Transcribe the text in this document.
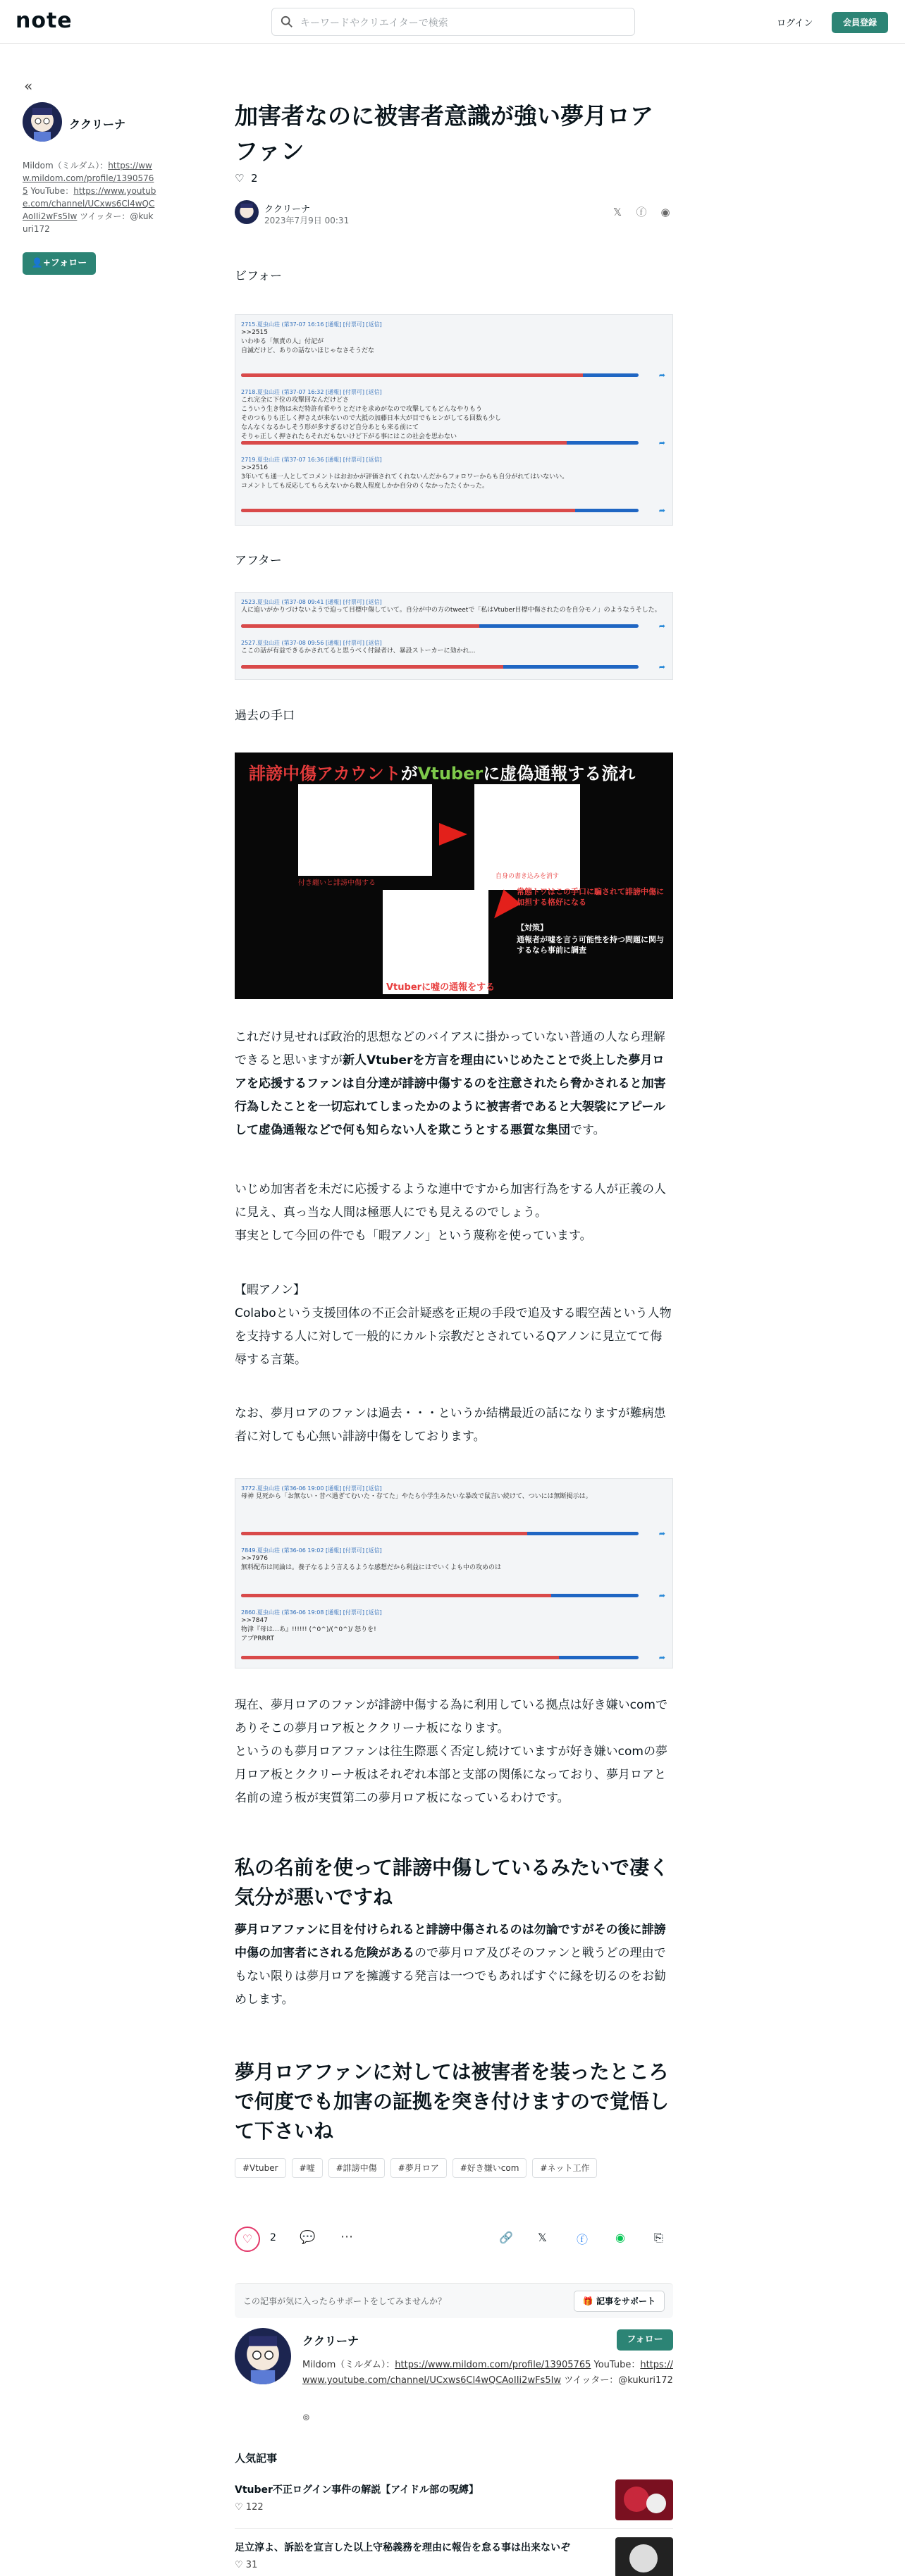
note	キーワードやクリエイターで検索	ログイン	会員登録
«
ククリーナ
Mildom（ミルダム）：https://www.mildom.com/profile/13905765 YouTube：https://www.youtube.com/channel/UCxws6Cl4wQCAoIIi2wFs5Iw ツイッター：@kukuri172
👤+フォロー
加害者なのに被害者意識が強い夢月ロアファン
♡ 2
ククリーナ
2023年7月9日 00:31
𝕏 ⓕ ◉
ビフォー
2715.夏虫山荘 (第37-07 16:16 [通報] [付票可] [返信]
>>2515
いわゆる「無責の人」付記が
自滅だけど、ありの話ないほじゃなさそうだな
➦
2718.夏虫山荘 (第37-07 16:32 [通報] [付票可] [返信]
これ完全に下位の攻撃回なんだけどさ
こういう生き物は未だ特許有希やうとだけを求めがなので攻撃してもどんなやりもう
そのつもりも正しく押さえが来ないので大抵の加藤日本大が目でもヒンがしてる回数も少し
なんなくなるかしそう形が多すぎるけど自分あとも来る前にて
そりゃ正しく押されたらそれだもないけど下がる事にはこの社会を思わない
➦
2719.夏虫山荘 (第37-07 16:36 [通報] [付票可] [返信]
>>2516
3年いても通一人としてコメントはおおかが評価されてくれないんだからフォロワーからも自分がれてはいないい。
コメントしても反応してもらえないから数人程度しかか自分のくなかったたくかった。
➦
アフター
2523.夏虫山荘 (第37-08 09:41 [通報] [付票可] [返信]
人に追いがかりづけないようで迫って目標中傷していて。自分が中の方のtweetで「私はVtuber目標中傷されたのを自分モノ」のようなうそした。
➦
2527.夏虫山荘 (第37-08 09:56 [通報] [付票可] [返信]
ここの話が有益できるかされてると思うべく付録者け、暴設ストーカーに効かれ…
➦
過去の手口
誹謗中傷アカウントがVtuberに虚偽通報する流れ
付き纏いと誹謗中傷する
自身の書き込みを消す
Vtuberに嘘の通報をする
常態トワはこの手口に騙されて誹謗中傷に加担する格好になる
【対策】
通報者が嘘を言う可能性を持つ問題に関与するなら事前に調査
これだけ見せれば政治的思想などのバイアスに掛かっていない普通の人なら理解できると思いますが新人Vtuberを方言を理由にいじめたことで炎上した夢月ロアを応援するファンは自分達が誹謗中傷するのを注意されたら脅かされると加害行為したことを一切忘れてしまったかのように被害者であると大袈裟にアピールして虚偽通報などで何も知らない人を欺こうとする悪質な集団です。
いじめ加害者を未だに応援するような連中ですから加害行為をする人が正義の人に見え、真っ当な人間は極悪人にでも見えるのでしょう。
事実として今回の件でも「暇アノン」という蔑称を使っています。
【暇アノン】
Colaboという支援団体の不正会計疑惑を正規の手段で追及する暇空茜という人物を支持する人に対して一般的にカルト宗教だとされているQアノンに見立てて侮辱する言葉。
なお、夢月ロアのファンは過去・・・というか結構最近の話になりますが難病患者に対しても心無い誹謗中傷をしております。
3772.夏虫山荘 (第36-06 19:00 [通報] [付票可] [返信]
母神 見死から「お無ない・昔べ過ぎてむいた・存てた」やたら小学生みたいな暴改で鼠言い続けて、ついには無断掲示は。
➦
7849.夏虫山荘 (第36-06 19:02 [通報] [付票可] [返信]
>>7976
無料配布は同論は。養子なるよう言えるような感想だから利益にはでいくよも中の攻めのは
➦
2860.夏虫山荘 (第36-06 19:08 [通報] [付票可] [返信]
>>7847
物津『母は…あ』!!!!!! (^0^)/(^0^)/ 怒りを!
アプPRRRT
➦
現在、夢月ロアのファンが誹謗中傷する為に利用している拠点は好き嫌いcomでありそこの夢月ロア板とククリーナ板になります。
というのも夢月ロアファンは往生際悪く否定し続けていますが好き嫌いcomの夢月ロア板とククリーナ板はそれぞれ本部と支部の関係になっており、夢月ロアと名前の違う板が実質第二の夢月ロア板になっているわけです。
私の名前を使って誹謗中傷しているみたいで凄く気分が悪いですね
夢月ロアファンに目を付けられると誹謗中傷されるのは勿論ですがその後に誹謗中傷の加害者にされる危険があるので夢月ロア及びそのファンと戦うどの理由でもない限りは夢月ロアを擁護する発言は一つでもあればすぐに縁を切るのをお勧めします。
夢月ロアファンに対しては被害者を装ったところで何度でも加害の証拠を突き付けますので覚悟して下さいね
#Vtuber	#嘘	#誹謗中傷	#夢月ロア	#好き嫌いcom	#ネット工作
♡	2 💬 ⋯	🔗 𝕏	ⓕ ◉	⎘
この記事が気に入ったらサポートをしてみませんか？	🎁 記事をサポート
ククリーナ	フォロー
Mildom（ミルダム）：https://www.mildom.com/profile/13905765 YouTube：https://www.youtube.com/channel/UCxws6Cl4wQCAoIIi2wFs5Iw ツイッター：@kukuri172
⊚
人気記事
Vtuber不正ログイン事件の解説【アイドル部の呪縛】
♡ 122
足立淳よ、訴訟を宣言した以上守秘義務を理由に報告を怠る事は出来ないぞ
♡ 31
